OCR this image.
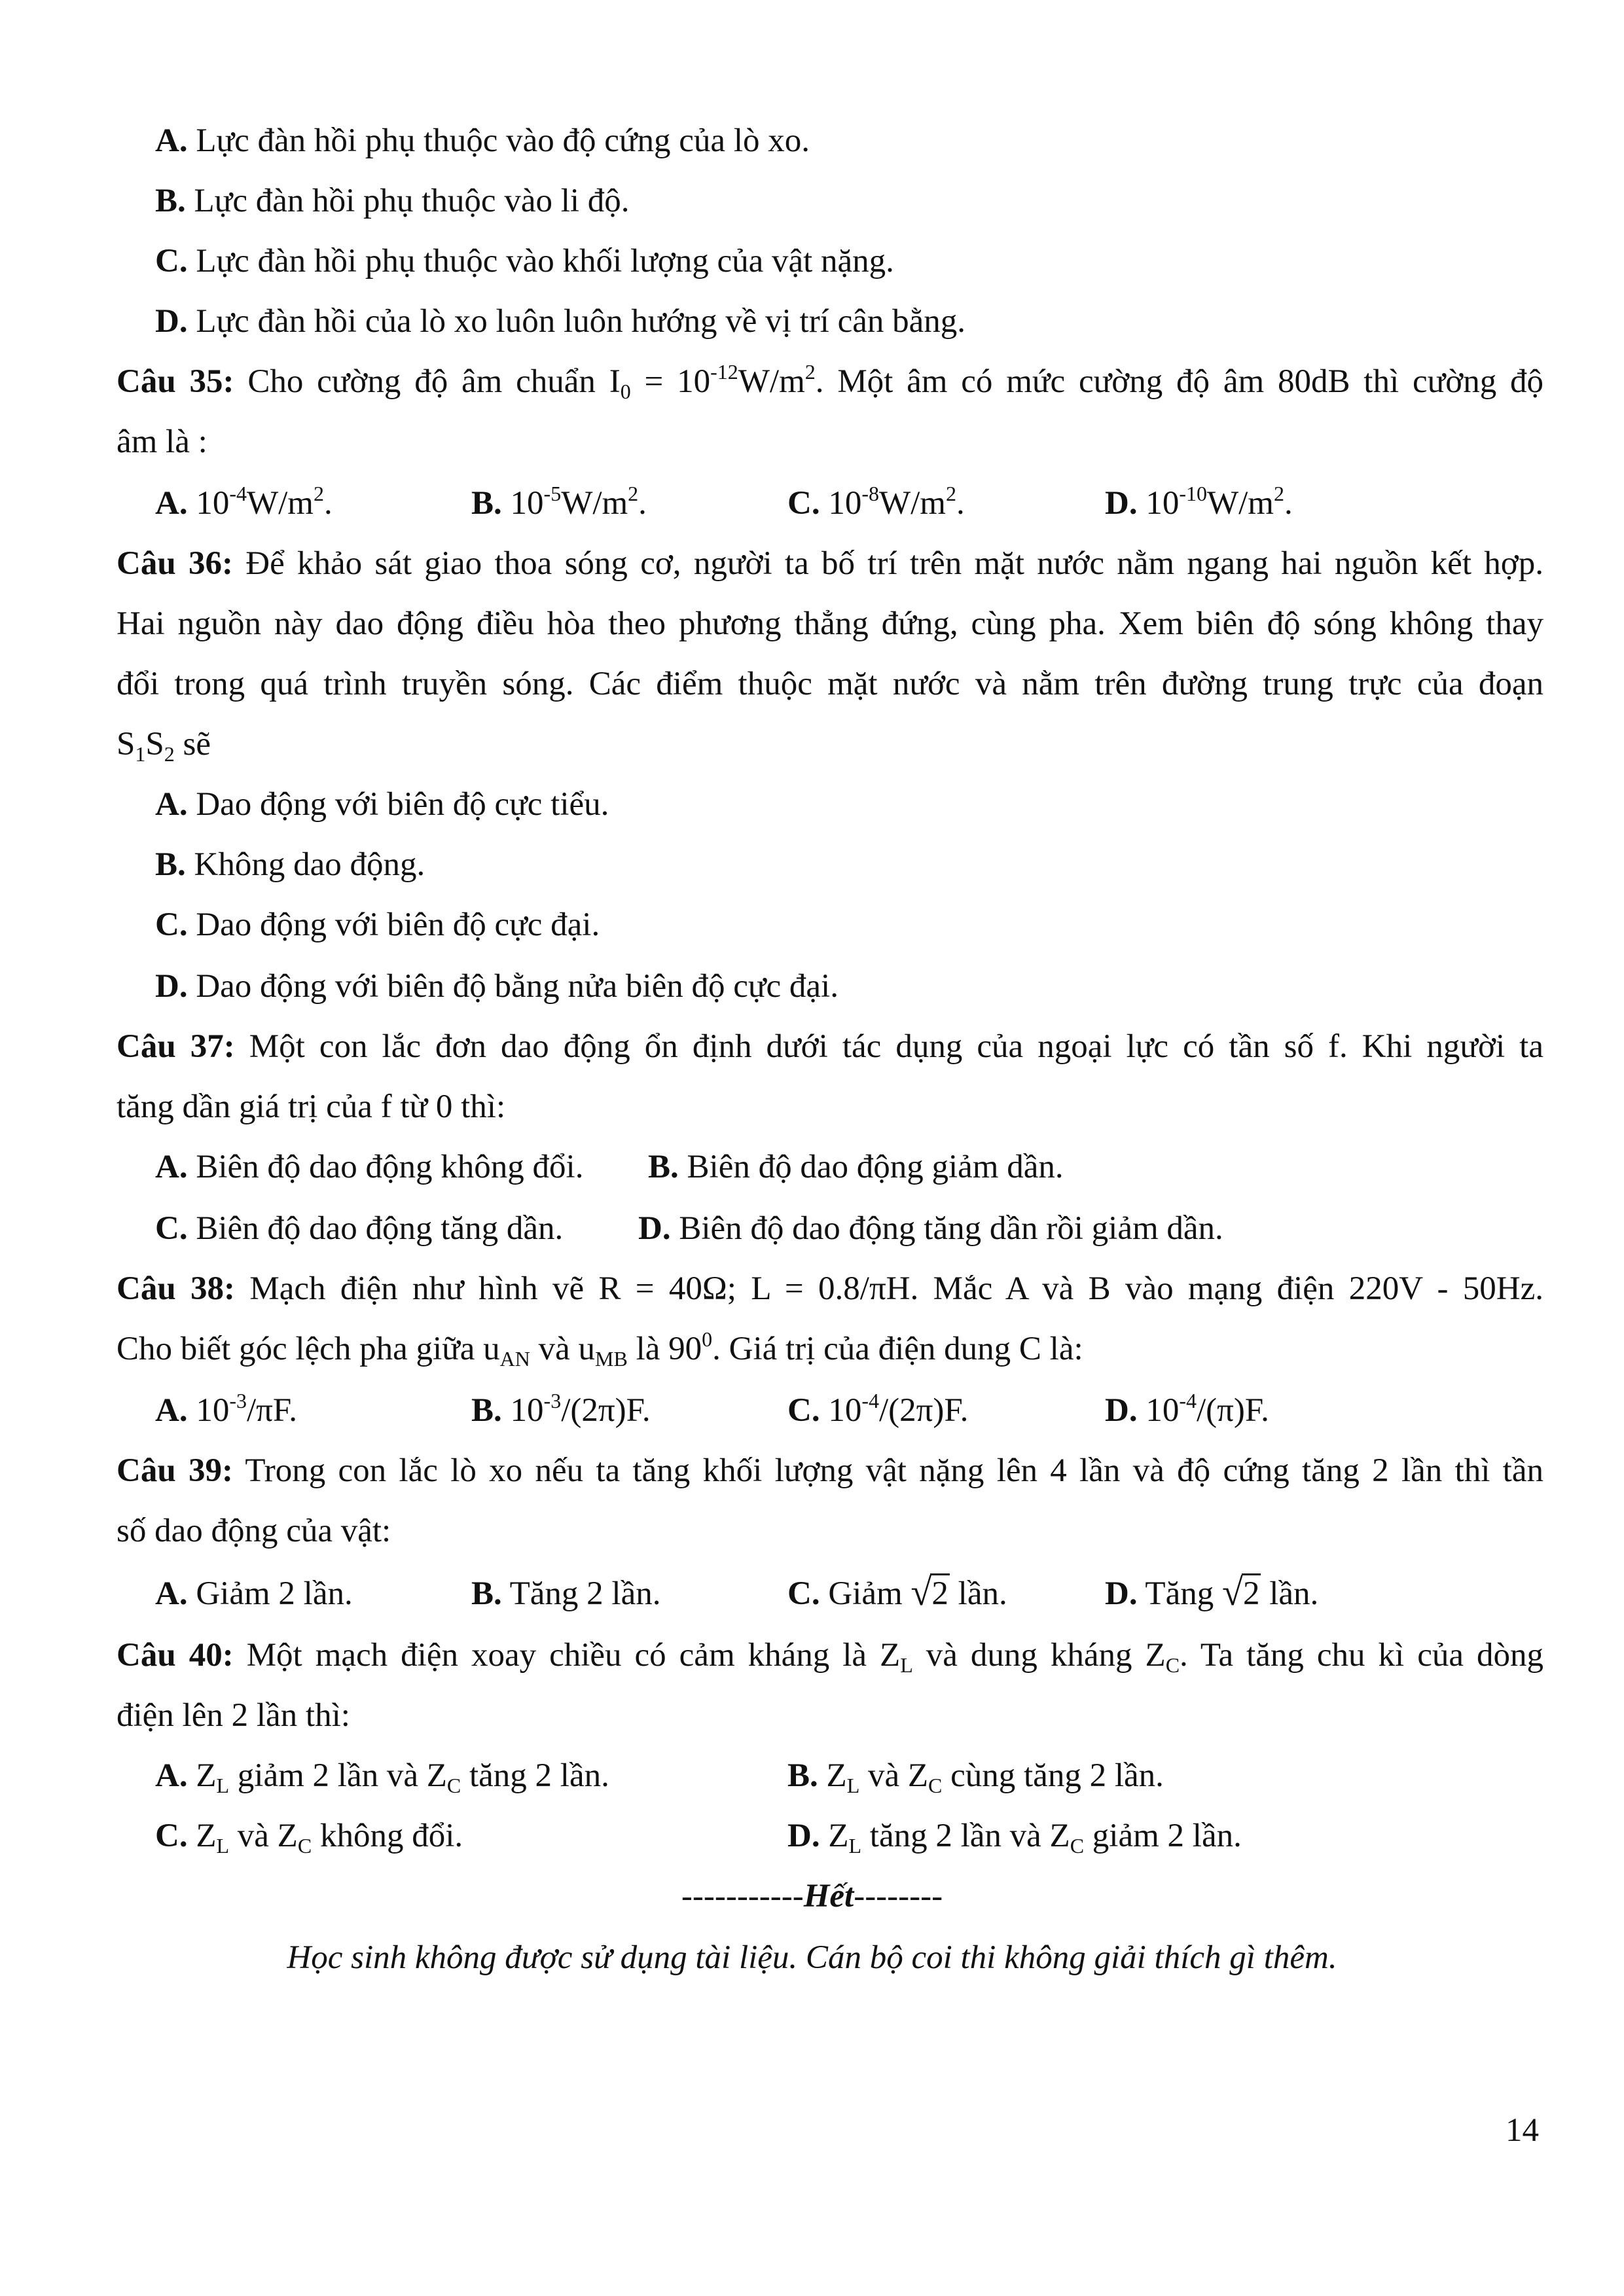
A. Lực đàn hồi phụ thuộc vào độ cứng của lò xo.
B. Lực đàn hồi phụ thuộc vào li độ.
C. Lực đàn hồi phụ thuộc vào khối lượng của vật nặng.
D. Lực đàn hồi của lò xo luôn luôn hướng về vị trí cân bằng.
Câu 35: Cho cường độ âm chuẩn $I_0 = 10^{-12}W/m^2$. Một âm có mức cường độ âm 80dB thì cường độ
âm là :
A. $10^{-4}W/m^2$.	B. $10^{-5}W/m^2$.	C. $10^{-8}W/m^2$.	D. $10^{-10}W/m^2$.
Câu 36: Để khảo sát giao thoa sóng cơ, người ta bố trí trên mặt nước nằm ngang hai nguồn kết hợp.
Hai nguồn này dao động điều hòa theo phương thẳng đứng, cùng pha. Xem biên độ sóng không thay
đổi trong quá trình truyền sóng. Các điểm thuộc mặt nước và nằm trên đường trung trực của đoạn
$S_1S_2$ sẽ
A. Dao động với biên độ cực tiểu.
B. Không dao động.
C. Dao động với biên độ cực đại.
D. Dao động với biên độ bằng nửa biên độ cực đại.
Câu 37: Một con lắc đơn dao động ổn định dưới tác dụng của ngoại lực có tần số f. Khi người ta
tăng dần giá trị của f từ 0 thì:
A. Biên độ dao động không đổi. B. Biên độ dao động giảm dần.
C. Biên độ dao động tăng dần. D. Biên độ dao động tăng dần rồi giảm dần.
Câu 38: Mạch điện như hình vẽ R = 40Ω; L = 0.8/πH. Mắc A và B vào mạng điện 220V - 50Hz.
Cho biết góc lệch pha giữa $u_{AN}$ và $u_{MB}$ là $90^0$. Giá trị của điện dung C là:
A. $10^{-3}/\pi F$.	B. $10^{-3}/(2\pi)F$.	C. $10^{-4}/(2\pi)F$.	D. $10^{-4}/(\pi)F$.
Câu 39: Trong con lắc lò xo nếu ta tăng khối lượng vật nặng lên 4 lần và độ cứng tăng 2 lần thì tần
số dao động của vật:
A. Giảm 2 lần.	B. Tăng 2 lần.	C. Giảm √ 2 lần.	D. Tăng √ 2 lần.
Câu 40: Một mạch điện xoay chiều có cảm kháng là $Z_L$ và dung kháng $Z_C$. Ta tăng chu kì của dòng
điện lên 2 lần thì:
A. $Z_L$ giảm 2 lần và $Z_C$ tăng 2 lần.	B. $Z_L$ và $Z_C$ cùng tăng 2 lần.
C. $Z_L$ và $Z_C$ không đổi.	D. $Z_L$ tăng 2 lần và $Z_C$ giảm 2 lần.
-----------Hết--------
Học sinh không được sử dụng tài liệu. Cán bộ coi thi không giải thích gì thêm.
14
